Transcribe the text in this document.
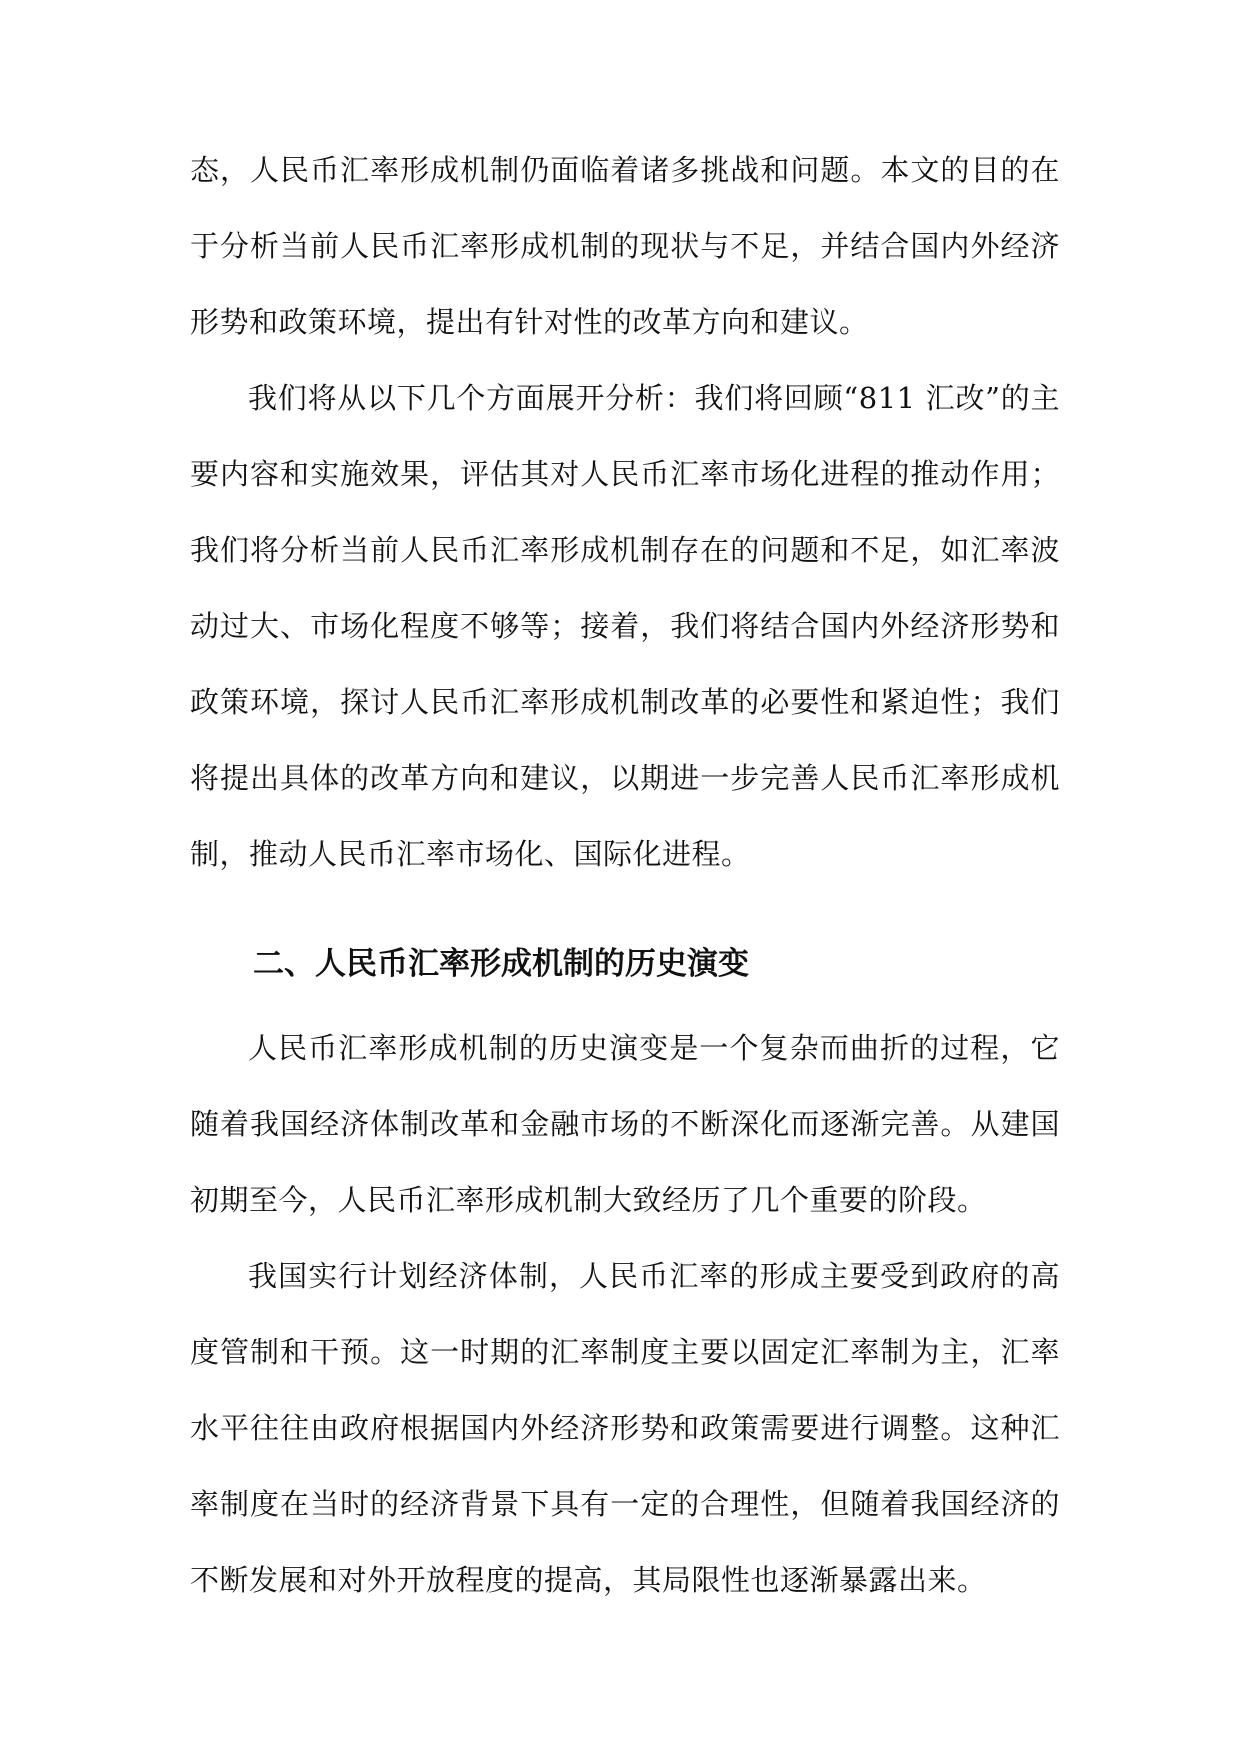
态，人民币汇率形成机制仍面临着诸多挑战和问题。本文的目的在于分析当前人民币汇率形成机制的现状与不足，并结合国内外经济形势和政策环境，提出有针对性的改革方向和建议。

我们将从以下几个方面展开分析：我们将回顾“811 汇改”的主要内容和实施效果，评估其对人民币汇率市场化进程的推动作用；我们将分析当前人民币汇率形成机制存在的问题和不足，如汇率波动过大、市场化程度不够等；接着，我们将结合国内外经济形势和政策环境，探讨人民币汇率形成机制改革的必要性和紧迫性；我们将提出具体的改革方向和建议，以期进一步完善人民币汇率形成机制，推动人民币汇率市场化、国际化进程。

二、人民币汇率形成机制的历史演变

人民币汇率形成机制的历史演变是一个复杂而曲折的过程，它随着我国经济体制改革和金融市场的不断深化而逐渐完善。从建国初期至今，人民币汇率形成机制大致经历了几个重要的阶段。

我国实行计划经济体制，人民币汇率的形成主要受到政府的高度管制和干预。这一时期的汇率制度主要以固定汇率制为主，汇率水平往往由政府根据国内外经济形势和政策需要进行调整。这种汇率制度在当时的经济背景下具有一定的合理性，但随着我国经济的不断发展和对外开放程度的提高，其局限性也逐渐暴露出来。
